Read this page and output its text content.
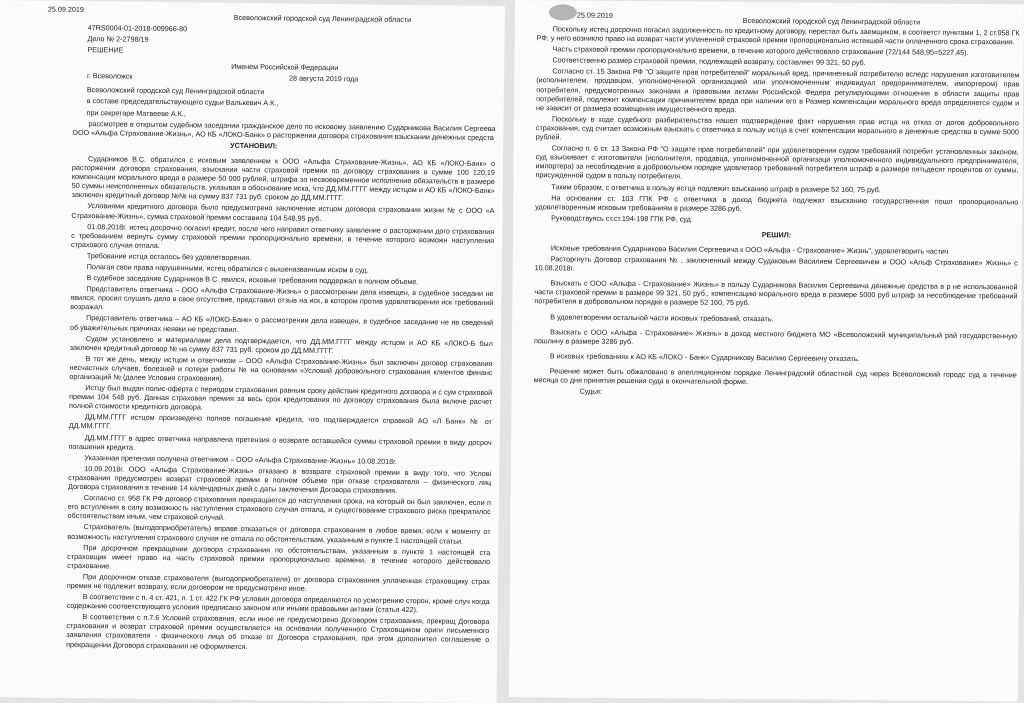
25.09.2019
Всеволожский городской суд Ленинградской области

47RS0004-01-2018-009966-80

Дело № 2-2798/19

РЕШЕНИЕ

Именем Российской Федерации

г. Всеволожск	28 августа 2019 года

Всеволожский городской суд Ленинградской области

в составе председательствующего судьи Валькевич А.К.,

при секретаре Матвеевe А.К.,

рассмотрев в открытом судебном заседании гражданское дело по исковому заявлению Сударникова Василия Сергеева ООО «Альфа Страхование-Жизнь», АО КБ «ЛОКО-Банк» о расторжении договора страхования взыскании денежных средств

УСТАНОВИЛ:

Сударников В.С. обратился с исковым заявлением к ООО «Альфа Страхование-Жизнь», АО КБ «ЛОКО-Банк» о расторжении договора страхования, взыскании части страховой премии по договору страхования в сумме 100 120,19 компенсации морального вреда в размере 50 000 рублей, штрафа за несвоевременное исполнение обязательств в размере 50 суммы неисполненных обязательств, указывая в обоснование иска, что ДД.ММ.ГГГГ между истцом и АО КБ «ЛОКО-Банк» заключен кредитный договор №№ на сумму 837 731 руб. сроком до ДД.ММ.ГГГГ.

Условиями кредитного договора было предусмотрено заключение истцом договора страхования жизни № с ООО «А Страхование-Жизнь», сумма страховой премии составила 104 548,95 руб.

01.08.2018г. истец досрочно погасил кредит, после чего направил ответчику заявление о расторжении дого страхования с требованием вернуть сумму страховой премии пропорционально времени, в течение которого возможн наступления страхового случая отпала.

Требование истца осталось без удовлетворения.

Полагая свои права нарушенными, истец обратился с вышеназванным иском в суд.

В судебное заседание Сударников В.С. явился, исковые требования поддержал в полном объеме.

Представитель ответчика – ООО «Альфа Страхование-Жизнь» о рассмотрении дела извещен, в судебное заседани не явился, просил слушать дело в свое отсутствие, представил отзыв на иск, в котором против удовлетворения иск требований возражал.

Представитель ответчика – АО КБ «ЛОКО-Банк» о рассмотрении дела извещен, в судебное заседание не яв сведений об уважительных причинах неявки не представил.

Судом установлено и материалами дела подтверждается, что ДД.ММ.ГГГГ между истцом и АО КБ «ЛОКО-Б был заключен кредитный договор № на сумму 837 731 руб. сроком до ДД.ММ.ГГГГ.

В тот же день, между истцом и ответчиком – ООО «Альфа Страхование-Жизнь» был заключен договор страхования несчастных случаев, болезней и потери работы № на основании «Условий добровольного страхования клиентов финанс организаций № (далее Условия страхования).

Истцу был выдан полис-оферта с периодом страхования равным сроку действия кредитного договора и с сум страховой премии 104 548 руб. Данная страховая премия за весь срок кредитования по договору страхования была включе расчет полной стоимости кредитного договора.

ДД.ММ.ГГГГ истцом произведено полное погашение кредита, что подтверждается справкой АО «Л Банк» № от ДД.ММ.ГГГГ.

ДД.ММ.ГГГГ в адрес ответчика направлена претензия о возврате оставшейся суммы страховой премии в виду досроч погашения кредита.

Указанная претензия получена ответчиком – ООО «Альфа Страхование-Жизнь» 10.08.2018г.

10.09.2018г. ООО «Альфа Страхование-Жизнь» отказано в возврате страховой премии в виду того, что Услові страхования предусмотрен возврат страховой премии в полном объеме при отказе страхователя – физического лиц Договора страхования в течение 14 календарных дней с даты заключения Договора страхования.

Согласно ст. 958 ГК РФ договор страхования прекращается до наступления срока, на который он был заключен, если п его вступления в силу возможность наступления страхового случая отпала, и существование страхового риска прекратилос обстоятельствам иным, чем страховой случай.

Страхователь (выгодоприобретатель) вправе отказаться от договора страхования в любое время, если к моменту от возможность наступления страхового случая не отпала по обстоятельствам, указанным в пункте 1 настоящей статьи.

При досрочном прекращении договора страхования по обстоятельствам, указанным в пункте 1 настоящей ста страховщик имеет право на часть страховой премии пропорционально времени, в течение которого действовало страхование.

При досрочном отказе страхователя (выгодоприобретателя) от договора страхования уплаченная страховщику страх премия не подлежит возврату, если договором не предусмотрено иное.

В соответствии с п. 4 ст. 421, п. 1 ст. 422 ГК РФ условия договора определяются по усмотрению сторон, кроме случ когда содержание соответствующего условия предписано законом или иными правовыми актами (статья 422).

В соответствии с п.7.6 Условий страхования, если иное не предусмотрено Договором страхования, прекращ Договора страхования и возврат страховой премии осуществляется на основании полученного Страховщиком ориги письменного заявления страхователя - физического лица об отказе от Договора страхования, при этом дополнител соглашение о прекращении Договора страхования не оформляется.

25.09.2019
Всеволожский городской суд Ленинградской области

Поскольку истец досрочно погасил задолженность по кредитному договору, перестал быть заемщиком, в соответст пунктами 1, 2 ст.958 ГК РФ, у него возникло право на возврат части уплаченной страховой премии пропорционально истекшей части оплаченного срока страхования.

Часть страховой премии пропорционально времени, в течение которого действовало страхование (72/144 548,95=5227,45).

Соответственно размер страховой премии, подлежащей возврату, составляет 99 321, 50 руб.

Согласно ст. 15 Закона РФ "О защите прав потребителей" моральный вред, причиненный потребителю вследс нарушения изготовителем (исполнителем, продавцом, уполномоченной организацией или уполномоченным индивидуал предпринимателем, импортером) прав потребителя, предусмотренных законами и правовыми актами Российской Федера регулирующими отношения в области защиты прав потребителей, подлежит компенсации причинителем вреда при наличии его в Размер компенсации морального вреда определяется судом и не зависит от размера возмещения имущественного вреда.

Поскольку в ходе судебного разбирательства нашел подтверждение факт нарушения прав истца на отказ от догов добровольного страхования, суд считает возможным взыскать с ответчика в пользу истца в счет компенсации морального в денежные средства в сумме 5000 рублей.

Согласно п. 6 ст. 13 Закона РФ "О защите прав потребителей" при удовлетворении судом требований потребит установленных законом, суд взыскивает с изготовителя (исполнителя, продавца, уполномоченной организаци уполномоченного индивидуального предпринимателя, импортера) за несоблюдение в добровольном порядке удовлетвор требований потребителя штраф в размере пятьдесят процентов от суммы, присужденной судом в пользу потребителя.

Таким образом, с ответчика в пользу истца подлежит взысканию штраф в размере 52 160, 75 руб.

На основании ст. 103 ГПК РФ с ответчика в доход бюджета подлежат взысканию государственная пошл пропорционально удовлетворенным исковым требованиям в размере 3286 руб.

Руководствуясь ст.ст.194-198 ГПК РФ, суд

РЕШИЛ:

Исковые требования Сударникова Василия Сергеевича к ООО «Альфа - Страхование» Жизнь", удовлетворить частич

Расторгнуть Договор страхования № , заключенный между Судаковым Василием Сергеевичем и ООО «Альф Страхование» Жизнь» с 10.08.2018г.

Взыскать с ООО «Альфа - Страхование» Жизнь» в пользу Сударникова Василия Сергеевича денежные средства в р не использованной части страховой премии в размере 99 321, 50 руб., компенсацию морального вреда в размере 5000 руб штраф за несоблюдение требований потребителя в добровольном порядке в размере 52 160, 75 руб.

В удовлетворении остальной части исковых требований, отказать.

Взыскать с ООО «Альфа - Страхование» Жизнь» в доход местного бюджета МО «Всеволожский муниципальный рай государственную пошлину в размере 3286 руб.

В исковых требованиях к АО КБ «ЛОКО - Банк» Сударникову Василию Сергеевичу отказать.

Решение может быть обжаловано в апелляционном порядке Ленинградский областной суд через Всеволожский городс суд в течение месяца со дня принятия решения суда в окончательной форме.

Судья:
